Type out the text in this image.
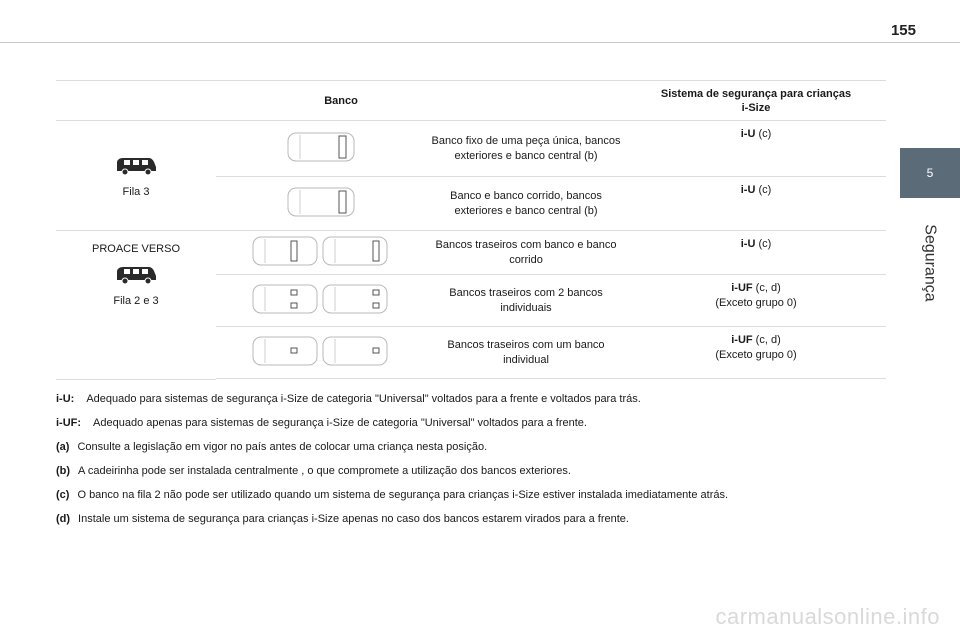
155
5
Segurança
Banco			Sistema de segurança para crianças
i-Size

Fila 3		Banco fixo de uma peça única, bancos exteriores e banco central (b)	i-U (c)
	Banco e banco corrido, bancos exteriores e banco central (b)	i-U (c)

PROACE VERSO
Fila 2 e 3		Bancos traseiros com banco e banco corrido	i-U (c)
	Bancos traseiros com 2 bancos individuais	i-UF (c, d)
(Exceto grupo 0)
	Bancos traseiros com um banco individual	i-UF (c, d)
(Exceto grupo 0)

i-U: Adequado para sistemas de segurança i-Size de categoria "Universal" voltados para a frente e voltados para trás.
i-UF: Adequado apenas para sistemas de segurança i-Size de categoria "Universal" voltados para a frente.
(a) Consulte a legislação em vigor no país antes de colocar uma criança nesta posição.
(b) A cadeirinha pode ser instalada centralmente , o que compromete a utilização dos bancos exteriores.
(c) O banco na fila 2 não pode ser utilizado quando um sistema de segurança para crianças i-Size estiver instalada imediatamente atrás.
(d) Instale um sistema de segurança para crianças i-Size apenas no caso dos bancos estarem virados para a frente.
carmanualsonline.info
